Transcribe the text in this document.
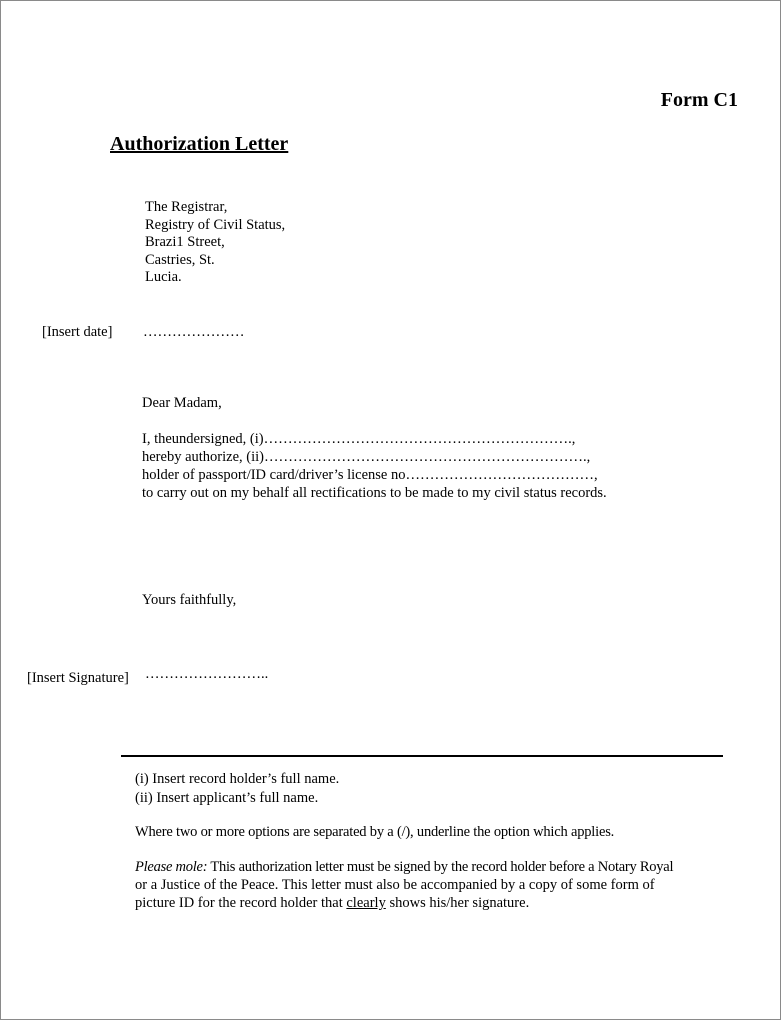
Form C1
Authorization Letter
The Registrar,
Registry of Civil Status,
Brazi1 Street,
Castries, St.
Lucia.
[Insert date] …………………
Dear Madam,
I, theundersigned, (i)……………………………………………………….,
hereby authorize, (ii)………………………………………………………….,
holder of passport/ID card/driver’s license no…………………………………,
to carry out on my behalf all rectifications to be made to my civil status records.
Yours faithfully,
[Insert Signature] ……………………..
(i) Insert record holder’s full name.
(ii) Insert applicant’s full name.
Where two or more options are separated by a (/), underline the option which applies.
Please mole: This authorization letter must be signed by the record holder before a Notary Royal
or a Justice of the Peace. This letter must also be accompanied by a copy of some form of
picture ID for the record holder that clearly shows his/her signature.
